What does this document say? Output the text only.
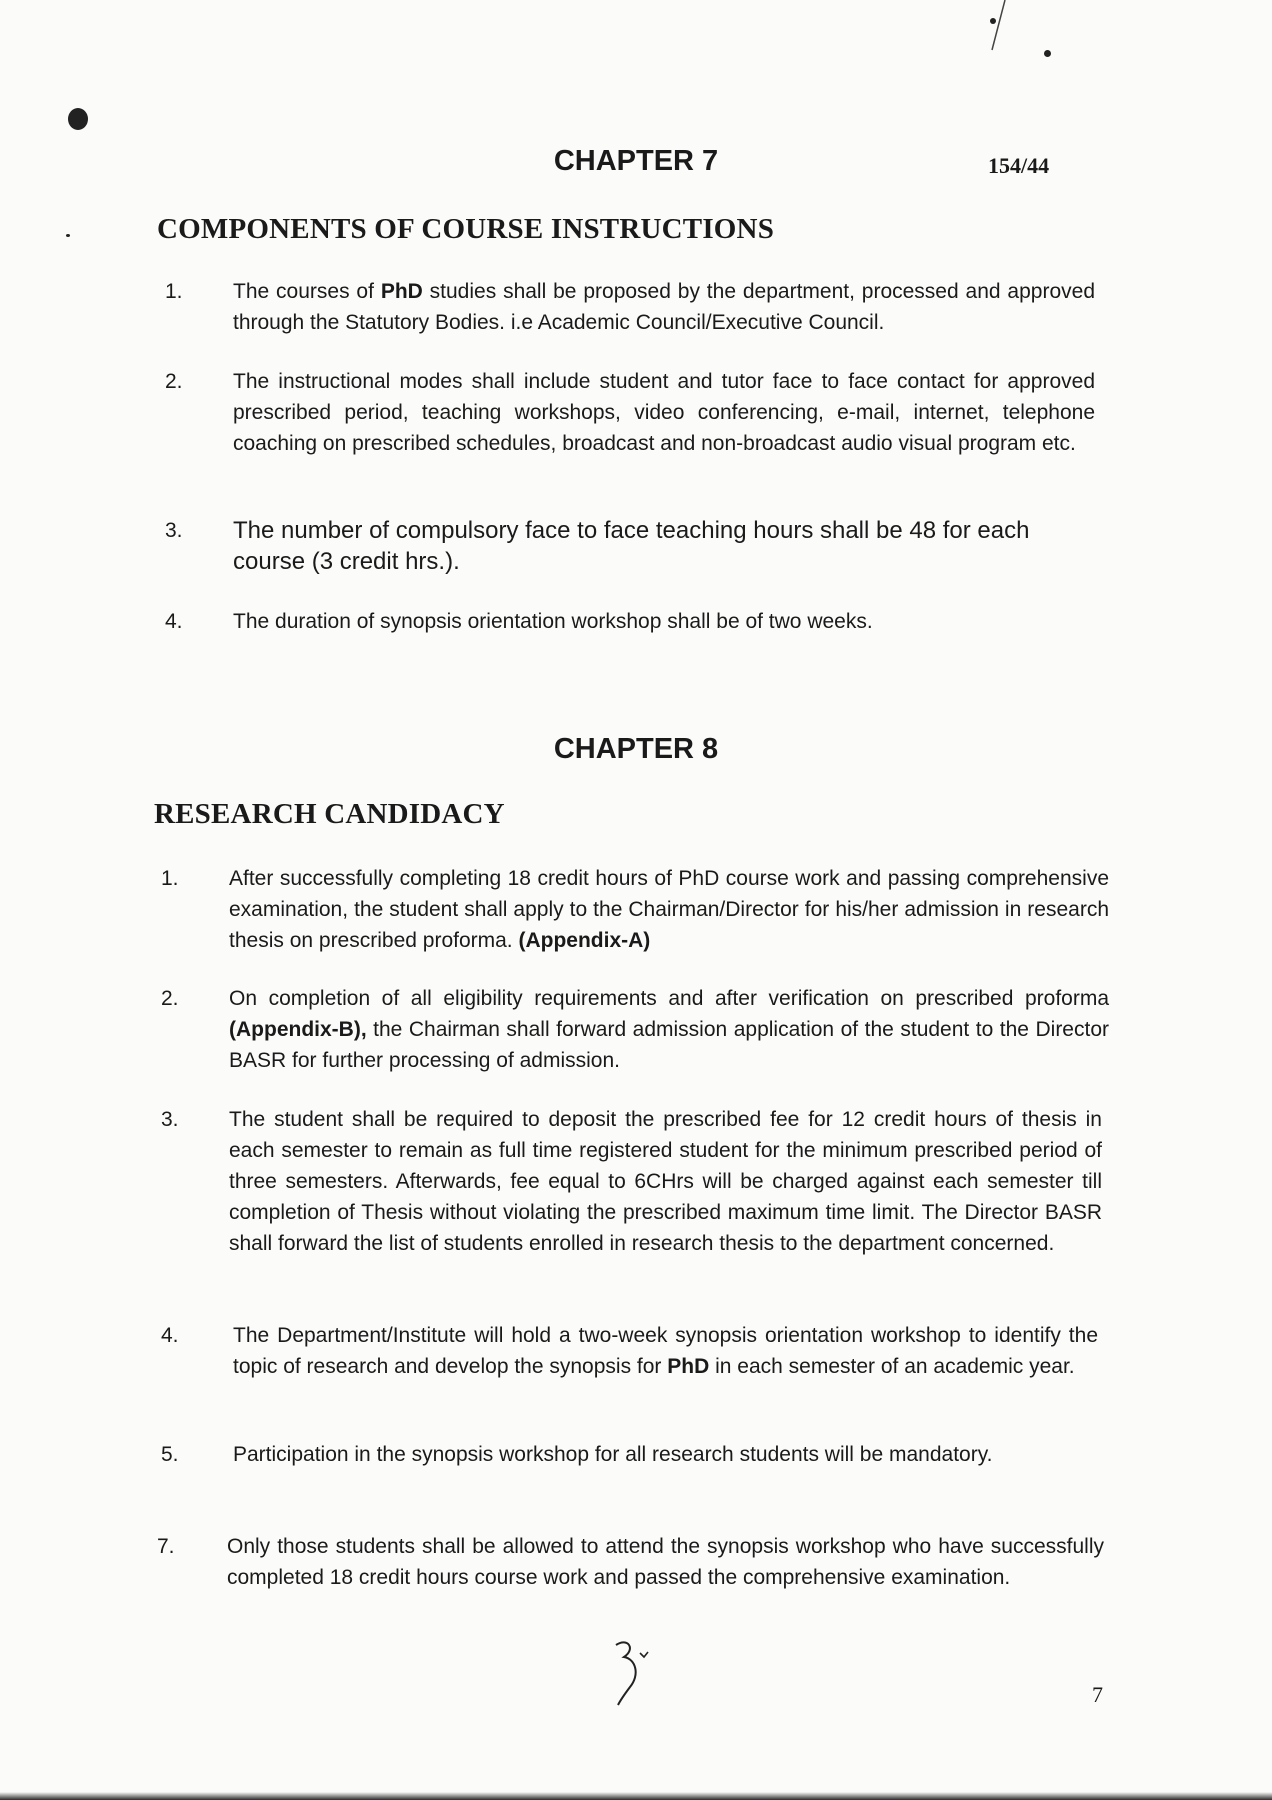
CHAPTER 7	154/44
COMPONENTS OF COURSE INSTRUCTIONS
1. The courses of PhD studies shall be proposed by the department, processed and approved through the Statutory Bodies. i.e Academic Council/Executive Council.
2. The instructional modes shall include student and tutor face to face contact for approved prescribed period, teaching workshops, video conferencing, e-mail, internet, telephone coaching on prescribed schedules, broadcast and non-broadcast audio visual program etc.
3. The number of compulsory face to face teaching hours shall be 48 for each course (3 credit hrs.).
4. The duration of synopsis orientation workshop shall be of two weeks.
CHAPTER 8
RESEARCH CANDIDACY
1. After successfully completing 18 credit hours of PhD course work and passing comprehensive examination, the student shall apply to the Chairman/Director for his/her admission in research thesis on prescribed proforma. (Appendix-A)
2. On completion of all eligibility requirements and after verification on prescribed proforma (Appendix-B), the Chairman shall forward admission application of the student to the Director BASR for further processing of admission.
3. The student shall be required to deposit the prescribed fee for 12 credit hours of thesis in each semester to remain as full time registered student for the minimum prescribed period of three semesters. Afterwards, fee equal to 6CHrs will be charged against each semester till completion of Thesis without violating the prescribed maximum time limit. The Director BASR shall forward the list of students enrolled in research thesis to the department concerned.
4.	The Department/Institute will hold a two-week synopsis orientation workshop to identify the topic of research and develop the synopsis for PhD in each semester of an academic year.
5.	Participation in the synopsis workshop for all research students will be mandatory.
7. Only those students shall be allowed to attend the synopsis workshop who have successfully completed 18 credit hours course work and passed the comprehensive examination.
7
